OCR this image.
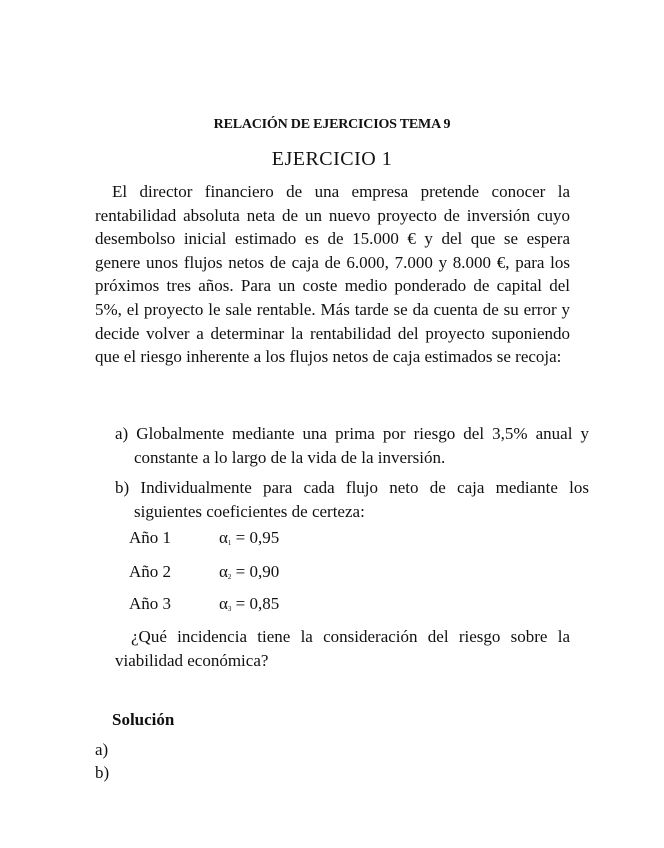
RELACIÓN DE EJERCICIOS TEMA 9
EJERCICIO 1
El director financiero de una empresa pretende conocer la rentabilidad absoluta neta de un nuevo proyecto de inversión cuyo desembolso inicial estimado es de 15.000 € y del que se espera genere unos flujos netos de caja de 6.000, 7.000 y 8.000 €, para los próximos tres años. Para un coste medio ponderado de capital del 5%, el proyecto le sale rentable. Más tarde se da cuenta de su error y decide volver a determinar la rentabilidad del proyecto suponiendo que el riesgo inherente a los flujos netos de caja estimados se recoja:
a) Globalmente mediante una prima por riesgo del 3,5% anual y constante a lo largo de la vida de la inversión.
b) Individualmente para cada flujo neto de caja mediante los siguientes coeficientes de certeza:
Año 1	$\alpha_1 = 0,95$
Año 2	$\alpha_2 = 0,90$
Año 3	$\alpha_3 = 0,85$
¿Qué incidencia tiene la consideración del riesgo sobre la viabilidad económica?
Solución
a)
b)
